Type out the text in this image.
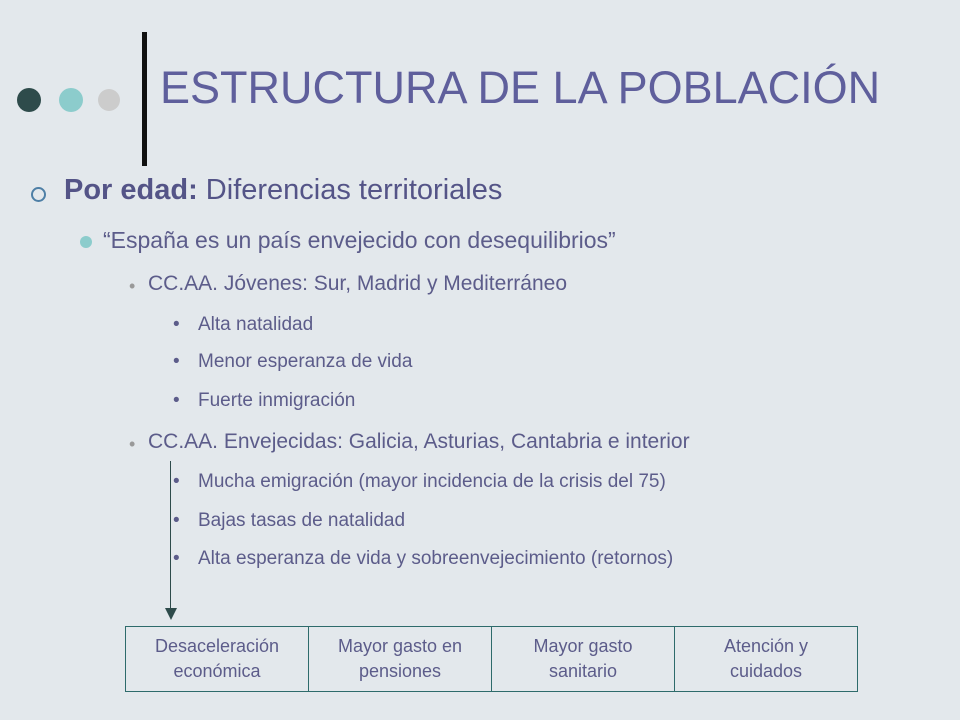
ESTRUCTURA DE LA POBLACIÓN
Por edad: Diferencias territoriales
“España es un país envejecido con desequilibrios”
• CC.AA. Jóvenes: Sur, Madrid y Mediterráneo
• Alta natalidad
• Menor esperanza de vida
• Fuerte inmigración
• CC.AA. Envejecidas: Galicia, Asturias, Cantabria e interior
• Mucha emigración (mayor incidencia de la crisis del 75)
• Bajas tasas de natalidad
• Alta esperanza de vida y sobreenvejecimiento (retornos)
Desaceleración
económica
Mayor gasto en
pensiones
Mayor gasto
sanitario
Atención y
cuidados
